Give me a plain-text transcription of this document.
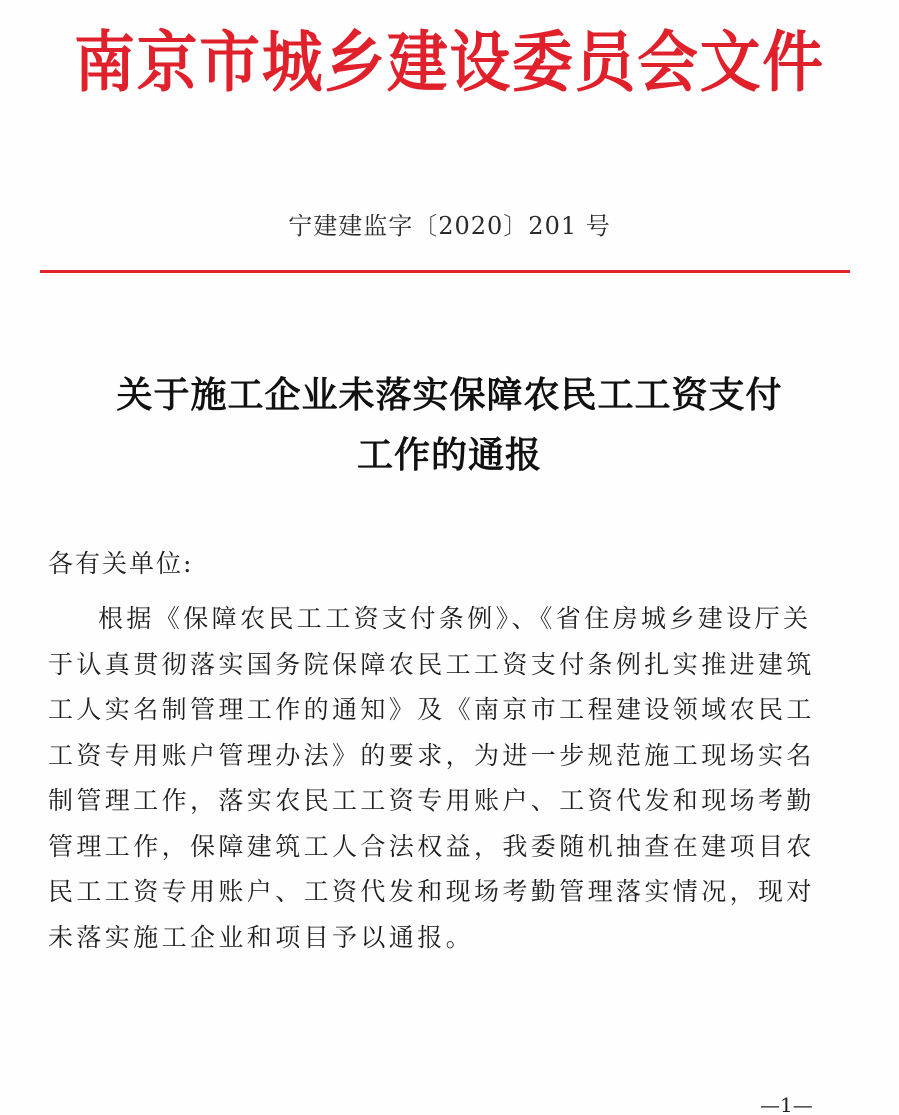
南京市城乡建设委员会文件
宁建建监字〔2020〕201 号
关于施工企业未落实保障农民工工资支付
工作的通报
各有关单位:
根据《保障农民工工资支付条例》、《省住房城乡建设厅关
于认真贯彻落实国务院保障农民工工资支付条例扎实推进建筑
工人实名制管理工作的通知》及《南京市工程建设领域农民工
工资专用账户管理办法》的要求，为进一步规范施工现场实名
制管理工作，落实农民工工资专用账户、工资代发和现场考勤
管理工作，保障建筑工人合法权益，我委随机抽查在建项目农
民工工资专用账户、工资代发和现场考勤管理落实情况，现对
未落实施工企业和项目予以通报。
—1—
